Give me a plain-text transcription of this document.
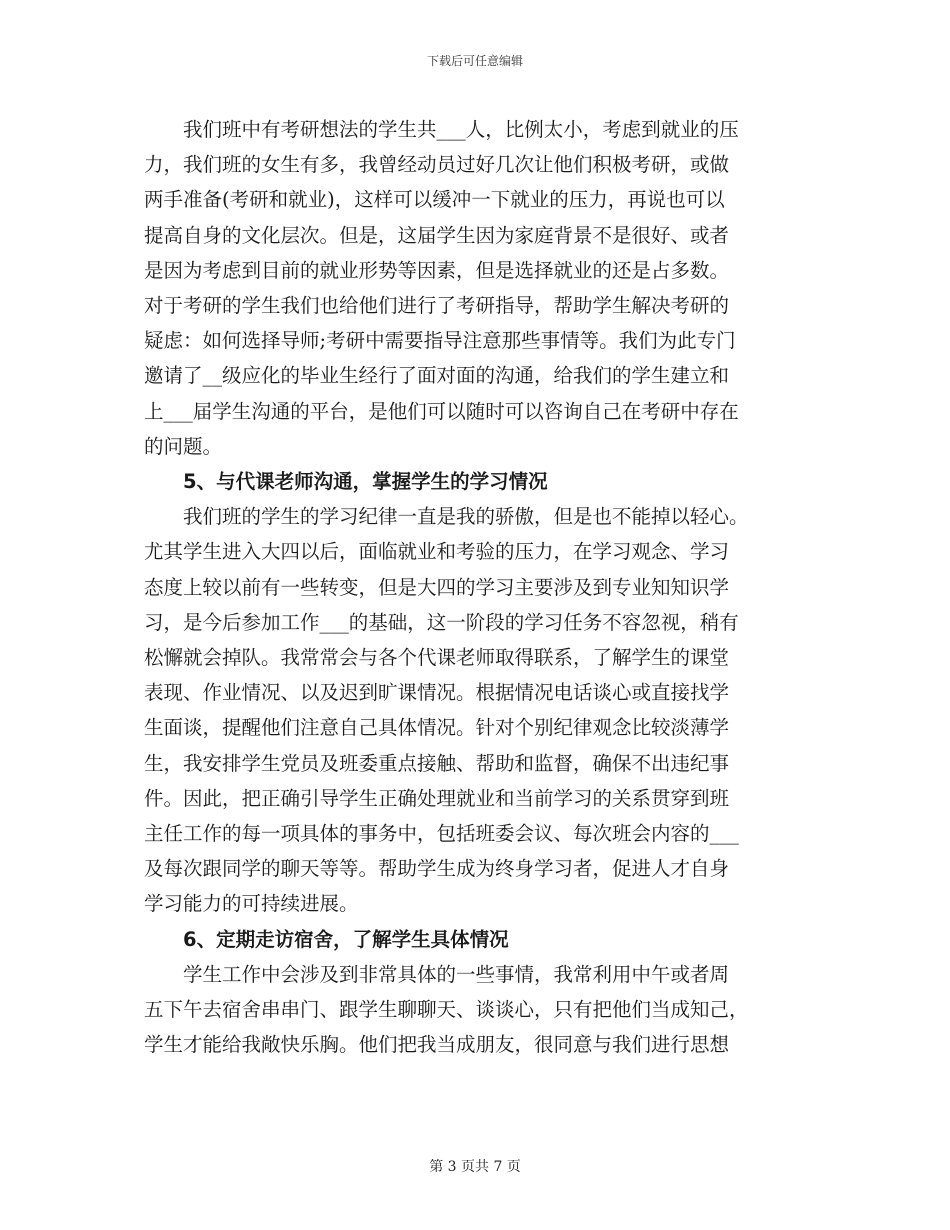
下载后可任意编辑
我们班中有考研想法的学生共___人，比例太小，考虑到就业的压
力，我们班的女生有多，我曾经动员过好几次让他们积极考研，或做
两手准备(考研和就业)，这样可以缓冲一下就业的压力，再说也可以
提高自身的文化层次。但是，这届学生因为家庭背景不是很好、或者
是因为考虑到目前的就业形势等因素，但是选择就业的还是占多数。
对于考研的学生我们也给他们进行了考研指导，帮助学生解决考研的
疑虑：如何选择导师;考研中需要指导注意那些事情等。我们为此专门
邀请了__级应化的毕业生经行了面对面的沟通，给我们的学生建立和
上___届学生沟通的平台，是他们可以随时可以咨询自己在考研中存在
的问题。
5、与代课老师沟通，掌握学生的学习情况
我们班的学生的学习纪律一直是我的骄傲，但是也不能掉以轻心。
尤其学生进入大四以后，面临就业和考验的压力，在学习观念、学习
态度上较以前有一些转变，但是大四的学习主要涉及到专业知知识学
习，是今后参加工作___的基础，这一阶段的学习任务不容忽视，稍有
松懈就会掉队。我常常会与各个代课老师取得联系，了解学生的课堂
表现、作业情况、以及迟到旷课情况。根据情况电话谈心或直接找学
生面谈，提醒他们注意自己具体情况。针对个别纪律观念比较淡薄学
生，我安排学生党员及班委重点接触、帮助和监督，确保不出违纪事
件。因此，把正确引导学生正确处理就业和当前学习的关系贯穿到班
主任工作的每一项具体的事务中，包括班委会议、每次班会内容的___
及每次跟同学的聊天等等。帮助学生成为终身学习者，促进人才自身
学习能力的可持续进展。
6、定期走访宿舍，了解学生具体情况
学生工作中会涉及到非常具体的一些事情，我常利用中午或者周
五下午去宿舍串串门、跟学生聊聊天、谈谈心，只有把他们当成知己，
学生才能给我敞快乐胸。他们把我当成朋友，很同意与我们进行思想
第 3 页共 7 页
